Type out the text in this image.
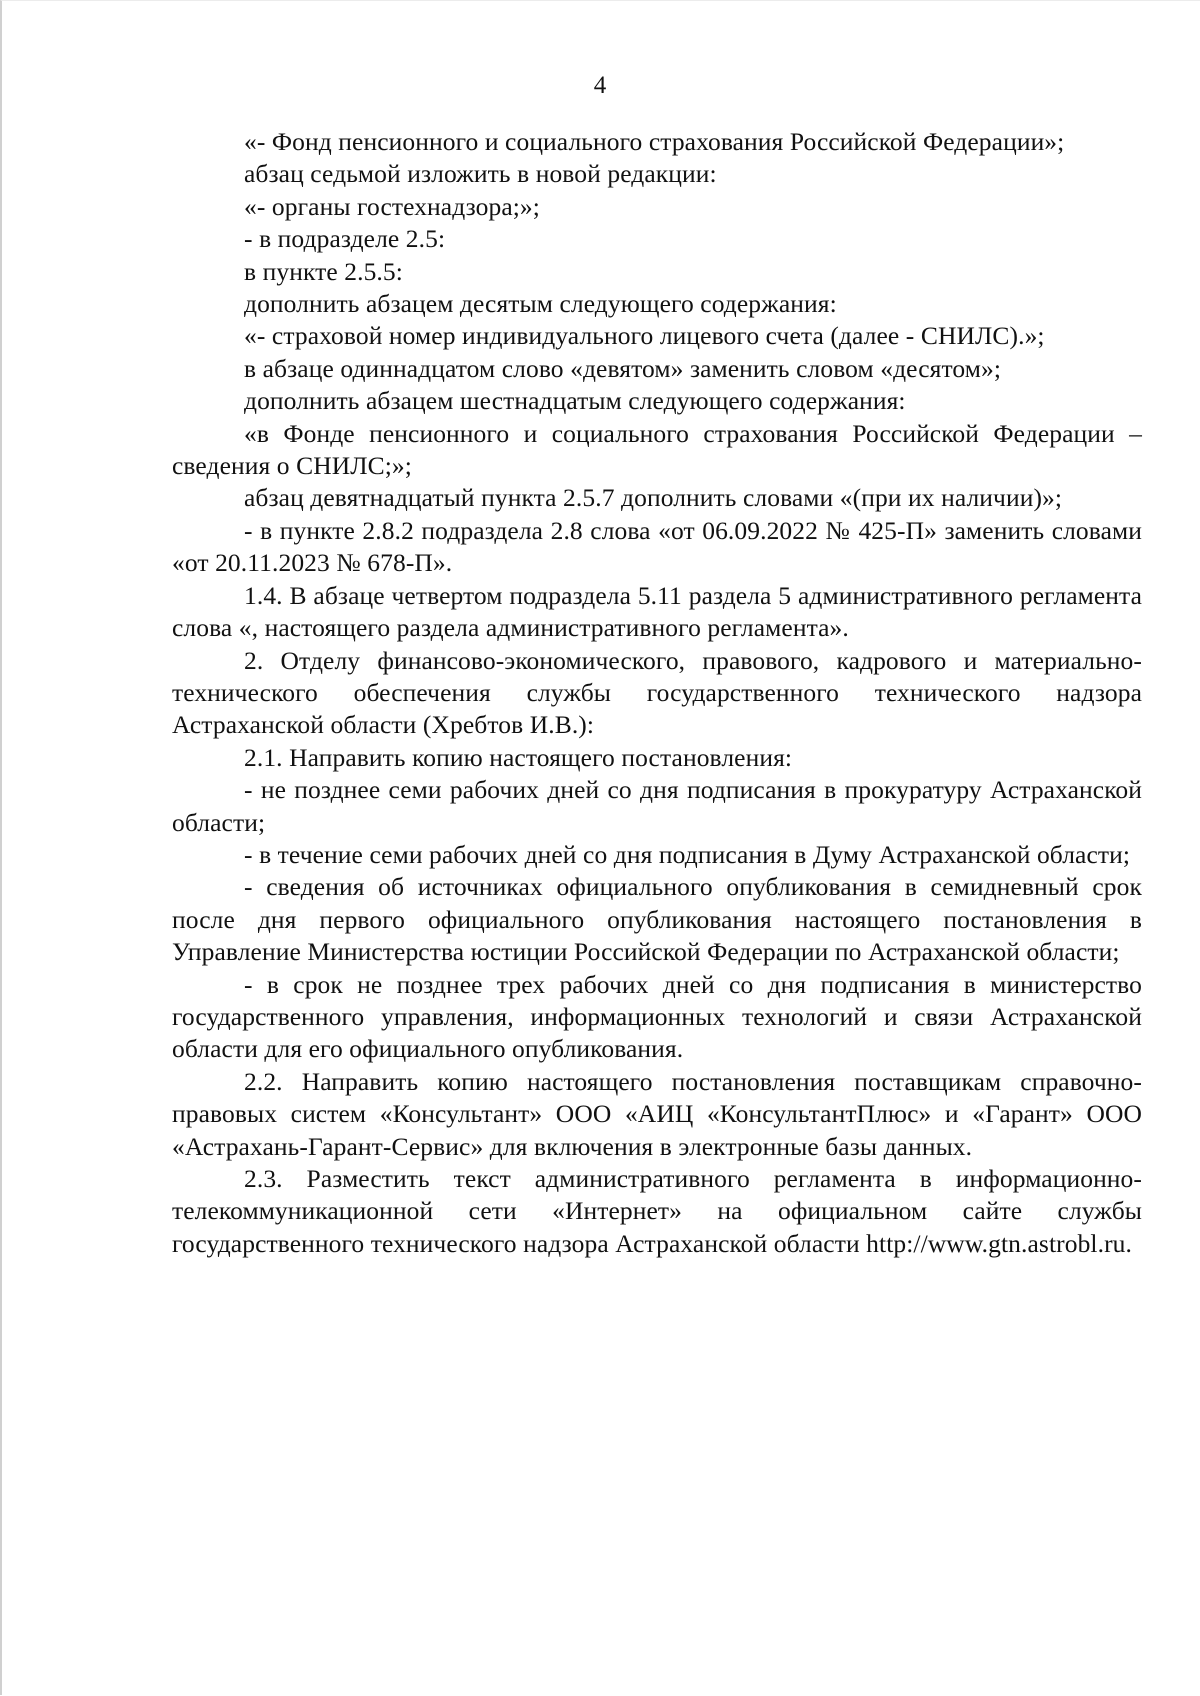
4

«- Фонд пенсионного и социального страхования Российской Федерации»;

абзац седьмой изложить в новой редакции:

«- органы гостехнадзора;»;

- в подразделе 2.5:

в пункте 2.5.5:

дополнить абзацем десятым следующего содержания:

«- страховой номер индивидуального лицевого счета (далее - СНИЛС).»;

в абзаце одиннадцатом слово «девятом» заменить словом «десятом»;

дополнить абзацем шестнадцатым следующего содержания:

«в Фонде пенсионного и социального страхования Российской Федерации – сведения о СНИЛС;»;

абзац девятнадцатый пункта 2.5.7 дополнить словами «(при их наличии)»;

- в пункте 2.8.2 подраздела 2.8 слова «от 06.09.2022 № 425-П» заменить словами «от 20.11.2023 № 678-П».

1.4. В абзаце четвертом подраздела 5.11 раздела 5 административного регламента слова «, настоящего раздела административного регламента».

2. Отделу финансово-экономического, правового, кадрового и материально-технического обеспечения службы государственного технического надзора Астраханской области (Хребтов И.В.):

2.1. Направить копию настоящего постановления:

- не позднее семи рабочих дней со дня подписания в прокуратуру Астраханской области;

- в течение семи рабочих дней со дня подписания в Думу Астраханской области;

- сведения об источниках официального опубликования в семидневный срок после дня первого официального опубликования настоящего постановления в Управление Министерства юстиции Российской Федерации по Астраханской области;

- в срок не позднее трех рабочих дней со дня подписания в министерство государственного управления, информационных технологий и связи Астраханской области для его официального опубликования.

2.2. Направить копию настоящего постановления поставщикам справочно-правовых систем «Консультант» ООО «АИЦ «КонсультантПлюс» и «Гарант» ООО «Астрахань-Гарант-Сервис» для включения в электронные базы данных.

2.3. Разместить текст административного регламента в информационно-телекоммуникационной сети «Интернет» на официальном сайте службы государственного технического надзора Астраханской области http://www.gtn.astrobl.ru.
